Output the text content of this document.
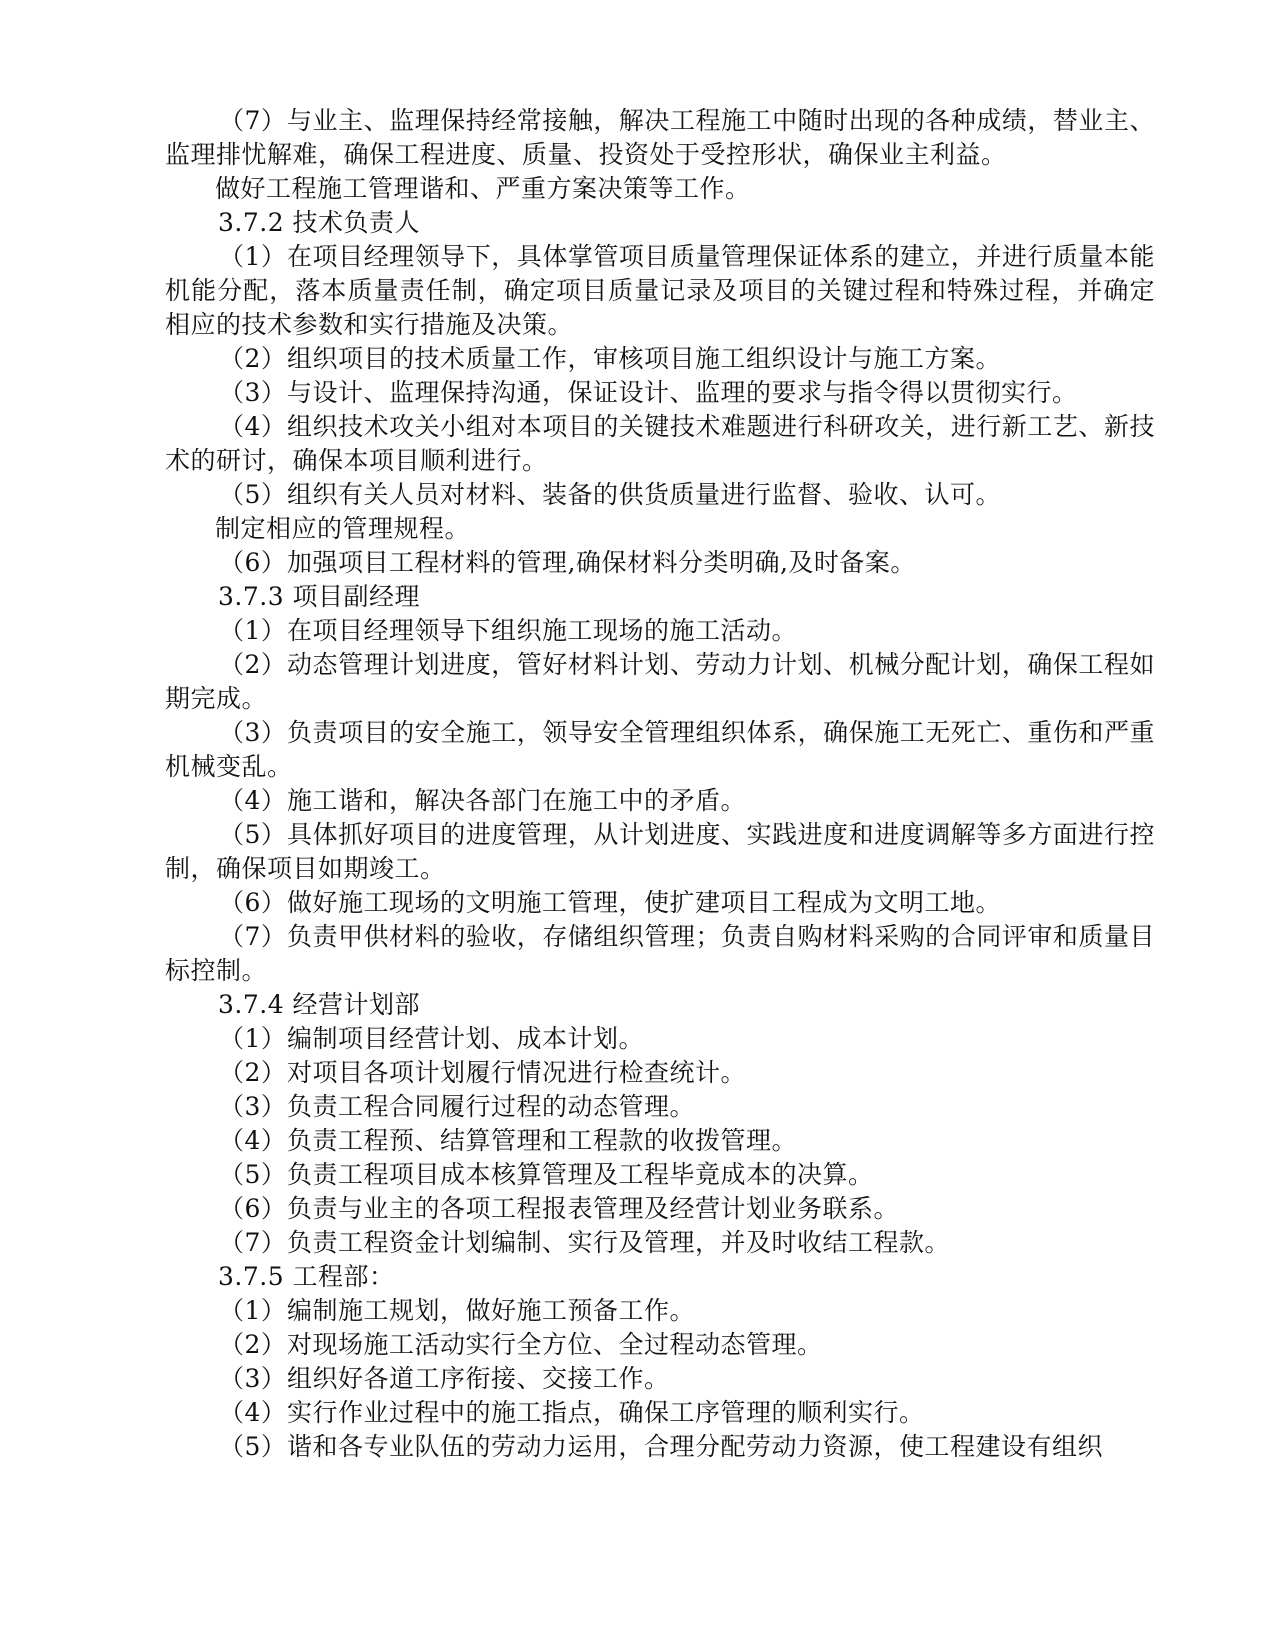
（7）与业主、监理保持经常接触，解决工程施工中随时出现的各种成绩，替业主、监理排忧解难，确保工程进度、质量、投资处于受控形状，确保业主利益。

做好工程施工管理谐和、严重方案决策等工作。

3.7.2 技术负责人

（1）在项目经理领导下，具体掌管项目质量管理保证体系的建立，并进行质量本能机能分配，落本质量责任制，确定项目质量记录及项目的关键过程和特殊过程，并确定相应的技术参数和实行措施及决策。

（2）组织项目的技术质量工作，审核项目施工组织设计与施工方案。

（3）与设计、监理保持沟通，保证设计、监理的要求与指令得以贯彻实行。

（4）组织技术攻关小组对本项目的关键技术难题进行科研攻关，进行新工艺、新技术的研讨，确保本项目顺利进行。

（5）组织有关人员对材料、装备的供货质量进行监督、验收、认可。

制定相应的管理规程。

（6）加强项目工程材料的管理,确保材料分类明确,及时备案。

3.7.3 项目副经理

（1）在项目经理领导下组织施工现场的施工活动。

（2）动态管理计划进度，管好材料计划、劳动力计划、机械分配计划，确保工程如期完成。

（3）负责项目的安全施工，领导安全管理组织体系，确保施工无死亡、重伤和严重机械变乱。

（4）施工谐和，解决各部门在施工中的矛盾。

（5）具体抓好项目的进度管理，从计划进度、实践进度和进度调解等多方面进行控制，确保项目如期竣工。

（6）做好施工现场的文明施工管理，使扩建项目工程成为文明工地。

（7）负责甲供材料的验收，存储组织管理；负责自购材料采购的合同评审和质量目标控制。

3.7.4 经营计划部

（1）编制项目经营计划、成本计划。

（2）对项目各项计划履行情况进行检查统计。

（3）负责工程合同履行过程的动态管理。

（4）负责工程预、结算管理和工程款的收拨管理。

（5）负责工程项目成本核算管理及工程毕竟成本的决算。

（6）负责与业主的各项工程报表管理及经营计划业务联系。

（7）负责工程资金计划编制、实行及管理，并及时收结工程款。

3.7.5 工程部：

（1）编制施工规划，做好施工预备工作。

（2）对现场施工活动实行全方位、全过程动态管理。

（3）组织好各道工序衔接、交接工作。

（4）实行作业过程中的施工指点，确保工序管理的顺利实行。

（5）谐和各专业队伍的劳动力运用，合理分配劳动力资源，使工程建设有组织
